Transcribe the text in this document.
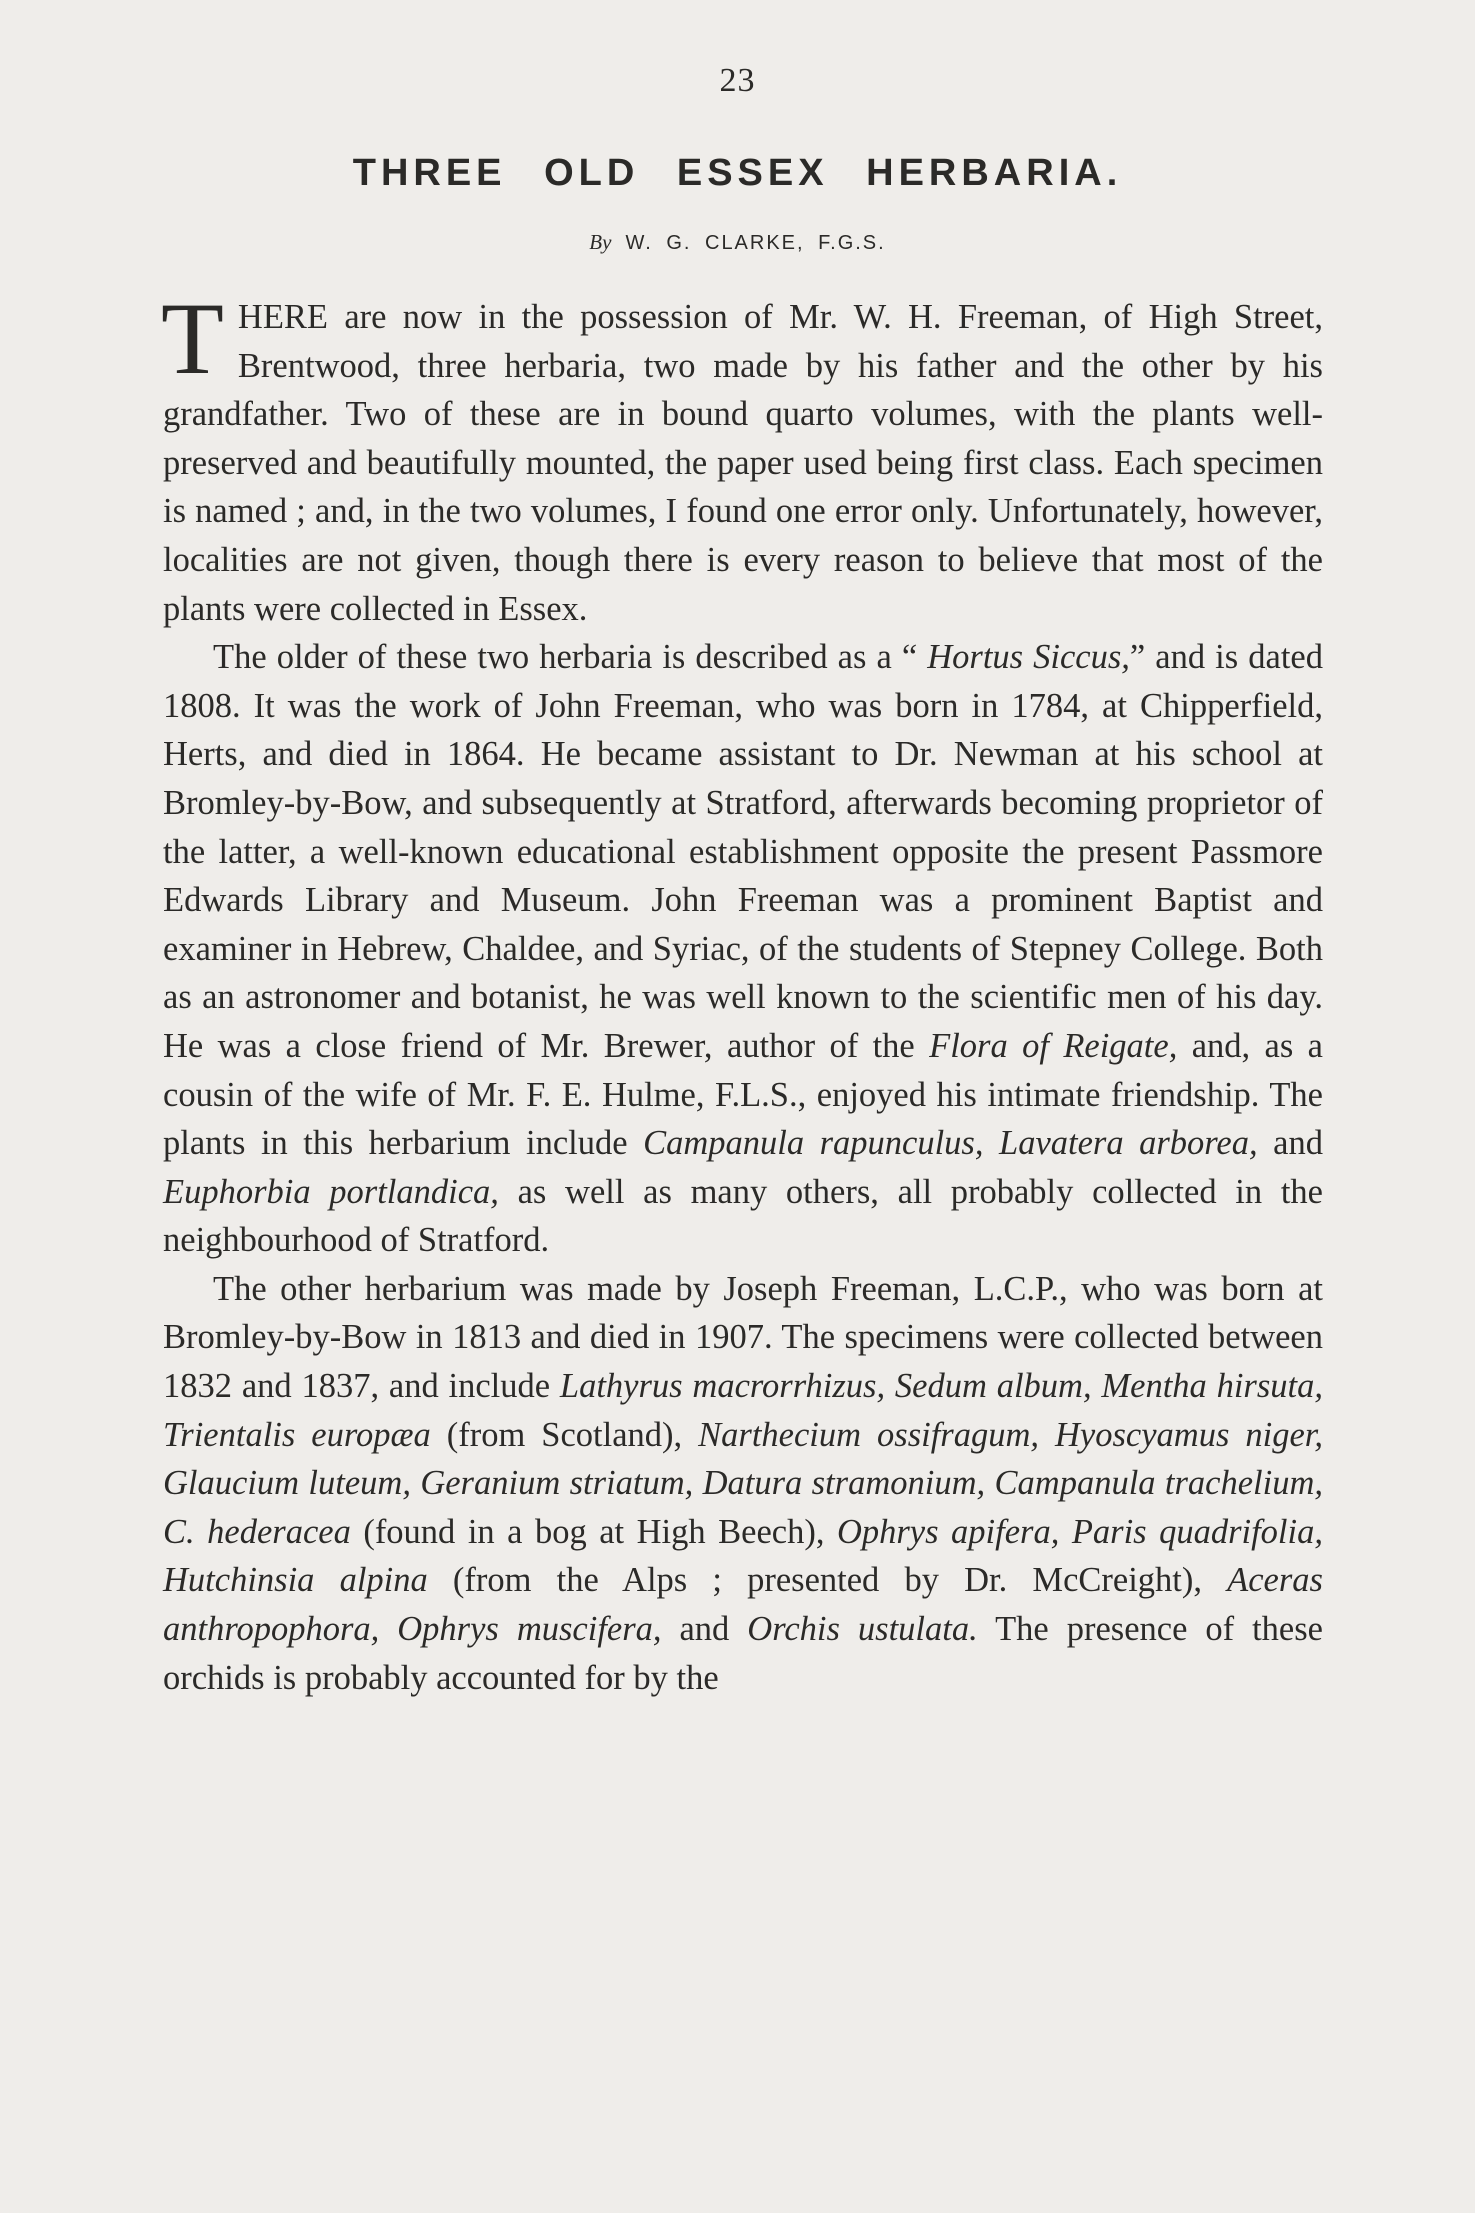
23
THREE OLD ESSEX HERBARIA.
By W. G. CLARKE, F.G.S.

THERE are now in the possession of Mr. W. H. Freeman, of High Street, Brentwood, three herbaria, two made by his father and the other by his grandfather. Two of these are in bound quarto volumes, with the plants well-preserved and beautifully mounted, the paper used being first class. Each specimen is named ; and, in the two volumes, I found one error only. Unfortunately, however, localities are not given, though there is every reason to believe that most of the plants were collected in Essex.

The older of these two herbaria is described as a “ Hortus Siccus,” and is dated 1808. It was the work of John Freeman, who was born in 1784, at Chipperfield, Herts, and died in 1864. He became assistant to Dr. Newman at his school at Bromley-by-Bow, and subsequently at Stratford, afterwards becoming proprietor of the latter, a well-known educational establishment opposite the present Passmore Edwards Library and Museum. John Freeman was a prominent Baptist and examiner in Hebrew, Chaldee, and Syriac, of the students of Stepney College. Both as an astronomer and botanist, he was well known to the scientific men of his day. He was a close friend of Mr. Brewer, author of the Flora of Reigate, and, as a cousin of the wife of Mr. F. E. Hulme, F.L.S., enjoyed his intimate friendship. The plants in this herbarium include Campanula rapunculus, Lavatera arborea, and Euphorbia portlandica, as well as many others, all probably collected in the neighbourhood of Stratford.

The other herbarium was made by Joseph Freeman, L.C.P., who was born at Bromley-by-Bow in 1813 and died in 1907. The specimens were collected between 1832 and 1837, and include Lathyrus macrorrhizus, Sedum album, Mentha hirsuta, Trientalis europæa (from Scotland), Narthecium ossifragum, Hyoscyamus niger, Glaucium luteum, Geranium striatum, Datura stramonium, Campanula trachelium, C. hederacea (found in a bog at High Beech), Ophrys apifera, Paris quadrifolia, Hutchinsia alpina (from the Alps ; presented by Dr. McCreight), Aceras anthropophora, Ophrys muscifera, and Orchis ustulata. The presence of these orchids is probably accounted for by the
